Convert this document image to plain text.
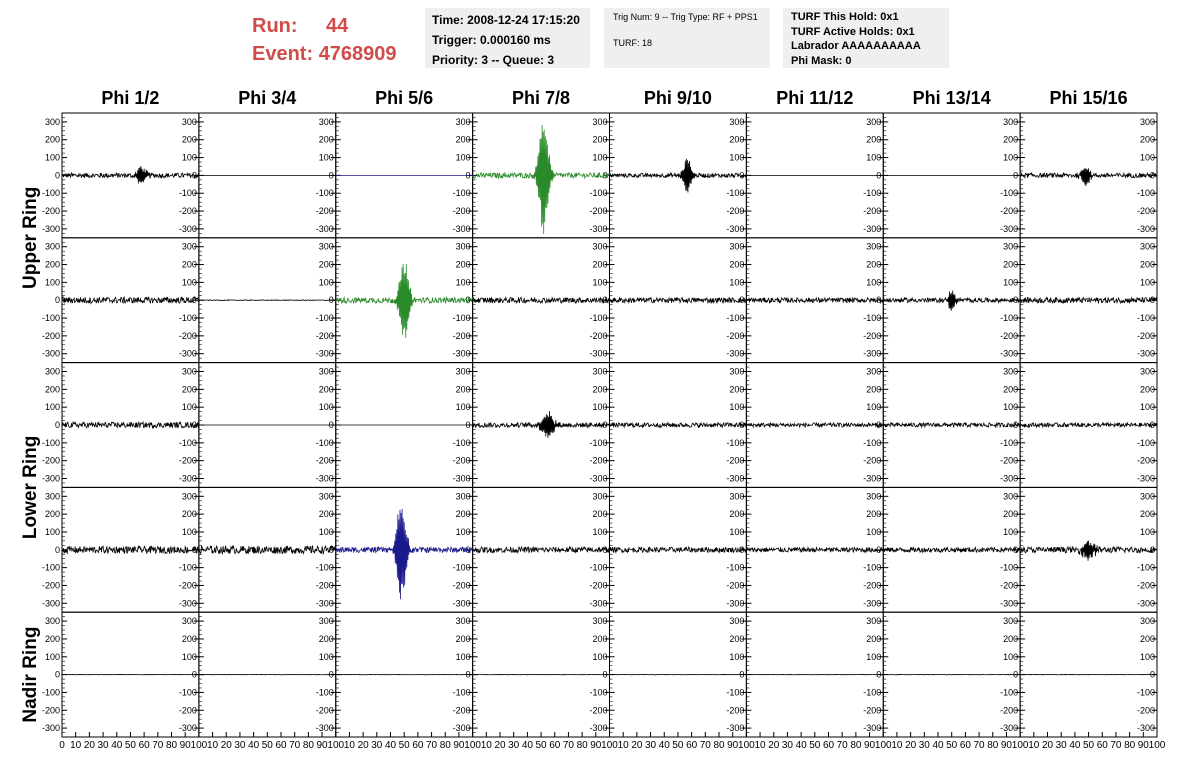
Run: 44
Event: 4768909
Time: 2008-12-24 17:15:20
Trigger: 0.000160 ms
Priority: 3 -- Queue: 3
Trig Num: 9 -- Trig Type: RF + PPS1
TURF: 18
TURF This Hold: 0x1
TURF Active Holds: 0x1
Labrador AAAAAAAAAA
Phi Mask: 0
Phi 1/2	Phi 3/4	Phi 5/6	Phi 7/8	Phi 9/10	Phi 11/12	Phi 13/14	Phi 15/16
Upper Ring
Lower Ring
Nadir Ring
300	300
200	200
100	100
0	0
-100	-100
-200	-200
-300	-300
300
200
100
0
-100
-200
-300
300
200
100
0
-100
-200
-300
300
200
100
0
-100
-200
-300
300
200
100
0
-100
-200
-300
300
200
100
0
-100
-200
-300
300
200
100
0
-100
-200
-300
300
200
100
0
-100
-200
-300
300	300
200	200
100	100
0	0
-100	-100
-200	-200
-300	-300
300
200
100
0
-100
-200
-300
300
200
100
0
-100
-200
-300
300
200
100
0
-100
-200
-300
300
200
100
0
-100
-200
-300
300
200
100
0
-100
-200
-300
300
200
100
0
-100
-200
-300
300
200
100
0
-100
-200
-300
300	300
200	200
100	100
0	0
-100	-100
-200	-200
-300	-300
300
200
100
0
-100
-200
-300
300
200
100
0
-100
-200
-300
300
200
100
0
-100
-200
-300
300
200
100
0
-100
-200
-300
300
200
100
0
-100
-200
-300
300
200
100
0
-100
-200
-300
300
200
100
0
-100
-200
-300
300	300
200	200
100	100
0	0
-100	-100
-200	-200
-300	-300
300
200
100
0
-100
-200
-300
300
200
100
0
-100
-200
-300
300
200
100
0
-100
-200
-300
300
200
100
0
-100
-200
-300
300
200
100
0
-100
-200
-300
300
200
100
0
-100
-200
-300
300
200
100
0
-100
-200
-300
300	300
200	200
100	100
0	0
-100	-100
-200	-200
-300	-300
300
200
100
0
-100
-200
-300
300
200
100
0
-100
-200
-300
300
200
100
0
-100
-200
-300
300
200
100
0
-100
-200
-300
300
200
100
0
-100
-200
-300
300
200
100
0
-100
-200
-300
300
200
100
0
-100
-200
-300
0 10 20 30 40 50 60 70 80 90 100 10 20 30 40 50 60 70 80 90 100 10 20 30 40 50 60 70 80 90 100 10 20 30 40 50 60 70 80 90 100 10 20 30 40 50 60 70 80 90 100 10 20 30 40 50 60 70 80 90 100 10 20 30 40 50 60 70 80 90 100 10 20 30 40 50 60 70 80 90 100
